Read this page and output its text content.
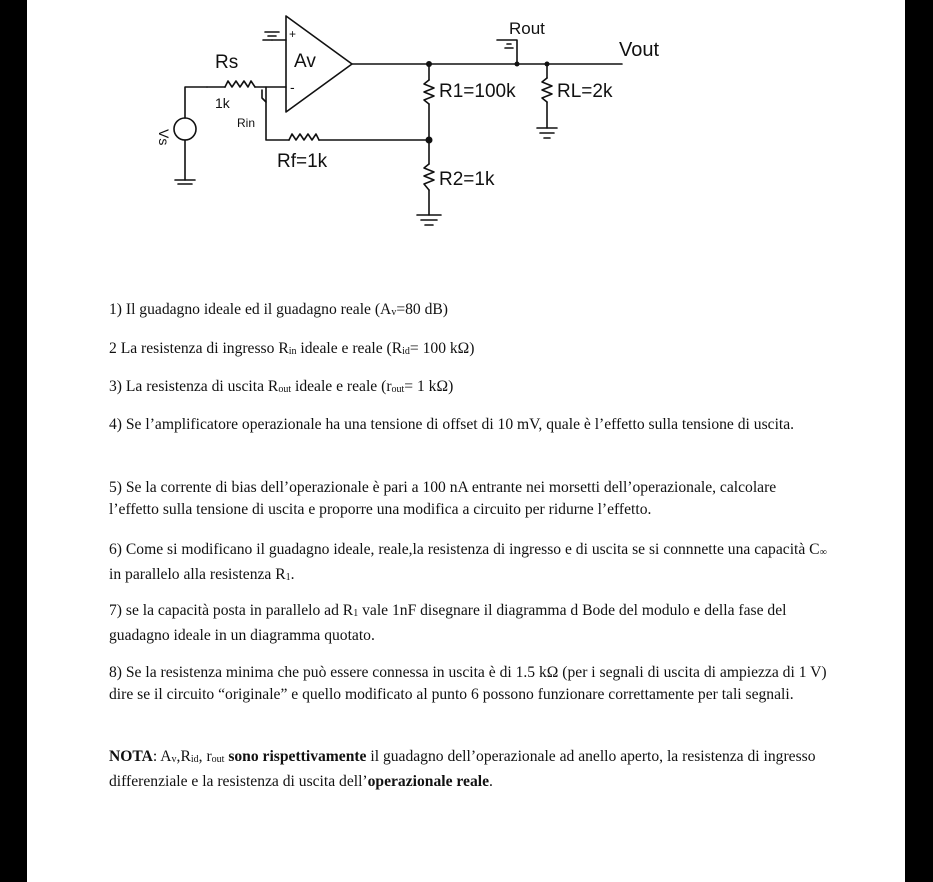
Rs
1k
Rin
Av
+
-
Vs
Rf=1k
Rout
Vout
R1=100k
R2=1k
RL=2k

1) Il guadagno ideale ed il guadagno reale ($A_v=80$ dB)

2 La resistenza di ingresso $R_{in}$ ideale e reale ($R_{id}= 100$ kΩ)

3) La resistenza di uscita $R_{out}$ ideale e reale ($r_{out}= 1$ kΩ)

4) Se l’amplificatore operazionale ha una tensione di offset di 10 mV, quale è l’effetto sulla tensione di uscita.

5) Se la corrente di bias dell’operazionale è pari a 100 nA entrante nei morsetti dell’operazionale, calcolare l’effetto sulla tensione di uscita e proporre una modifica a circuito per ridurne l’effetto.

6) Come si modificano il guadagno ideale, reale,la resistenza di ingresso e di uscita se si connnette una capacità $C_\infty$ in parallelo alla resistenza $R_1$.

7) se la capacità posta in parallelo ad $R_1$ vale 1nF disegnare il diagramma d Bode del modulo e della fase del guadagno ideale in un diagramma quotato.

8) Se la resistenza minima che può essere connessa in uscita è di 1.5 kΩ (per i segnali di uscita di ampiezza di 1 V) dire se il circuito “originale” e quello modificato al punto 6 possono funzionare correttamente per tali segnali.

NOTA: $A_v,R_{id}$, $r_{out}$ sono rispettivamente il guadagno dell’operazionale ad anello aperto, la resistenza di ingresso differenziale e la resistenza di uscita dell’operazionale reale.
